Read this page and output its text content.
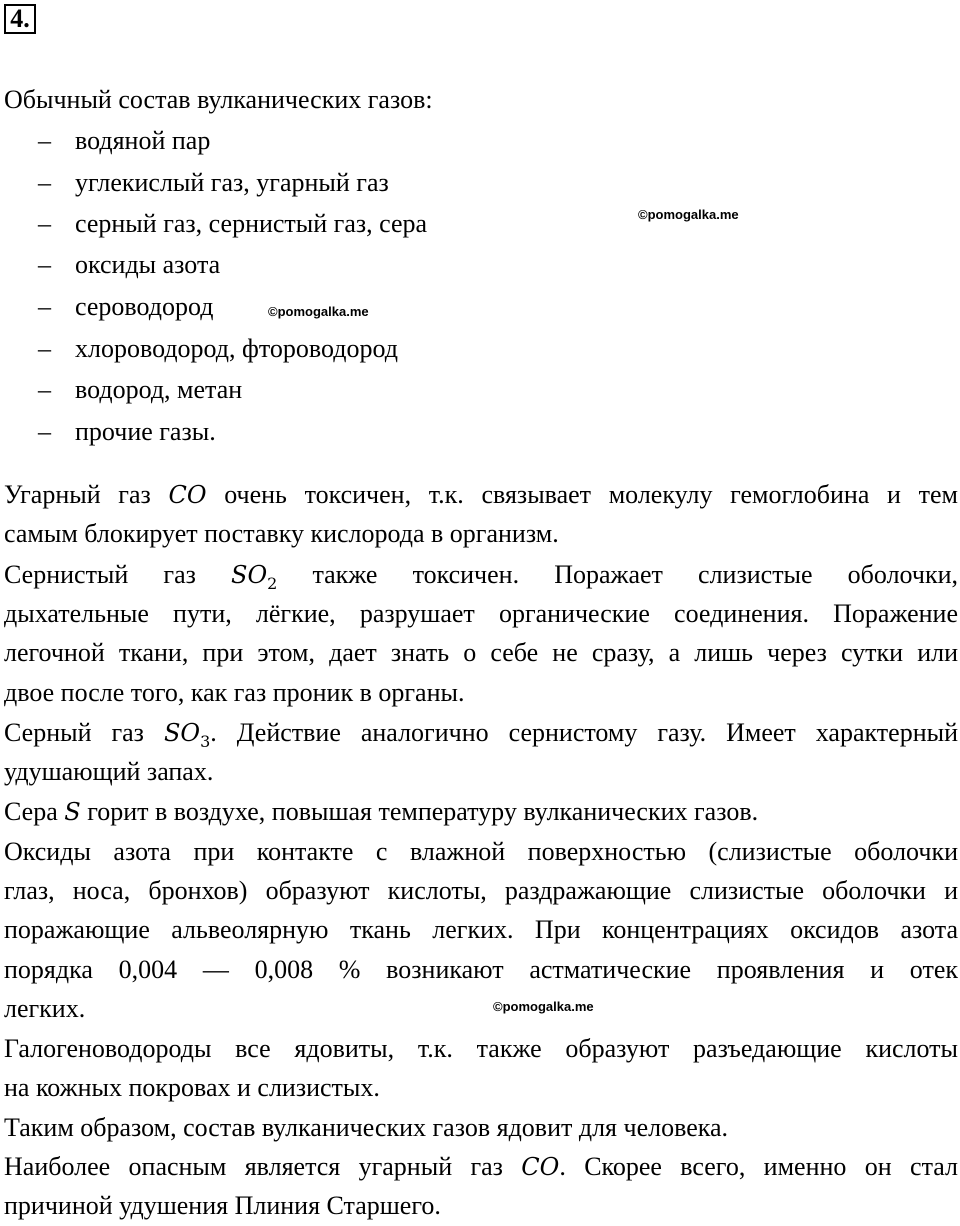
4.
Обычный состав вулканических газов:
– водяной пар
– углекислый газ, угарный газ
– серный газ, сернистый газ, сера
– оксиды азота
– сероводород
– хлороводород, фтороводород
– водород, метан
– прочие газы.
©pomogalka.me
©pomogalka.me
©pomogalka.me
Угарный газ CO очень токсичен, т.к. связывает молекулу гемоглобина и тем
самым блокирует поставку кислорода в организм.
Сернистый газ $SO_2$ также токсичен. Поражает слизистые оболочки,
дыхательные пути, лёгкие, разрушает органические соединения. Поражение
легочной ткани, при этом, дает знать о себе не сразу, а лишь через сутки или
двое после того, как газ проник в органы.
Серный газ $SO_3$. Действие аналогично сернистому газу. Имеет характерный
удушающий запах.
Сера S горит в воздухе, повышая температуру вулканических газов.
Оксиды азота при контакте с влажной поверхностью (слизистые оболочки
глаз, носа, бронхов) образуют кислоты, раздражающие слизистые оболочки и
поражающие альвеолярную ткань легких. При концентрациях оксидов азота
порядка 0,004 — 0,008 % возникают астматические проявления и отек
легких.
Галогеноводороды все ядовиты, т.к. также образуют разъедающие кислоты
на кожных покровах и слизистых.
Таким образом, состав вулканических газов ядовит для человека.
Наиболее опасным является угарный газ CO. Скорее всего, именно он стал
причиной удушения Плиния Старшего.
